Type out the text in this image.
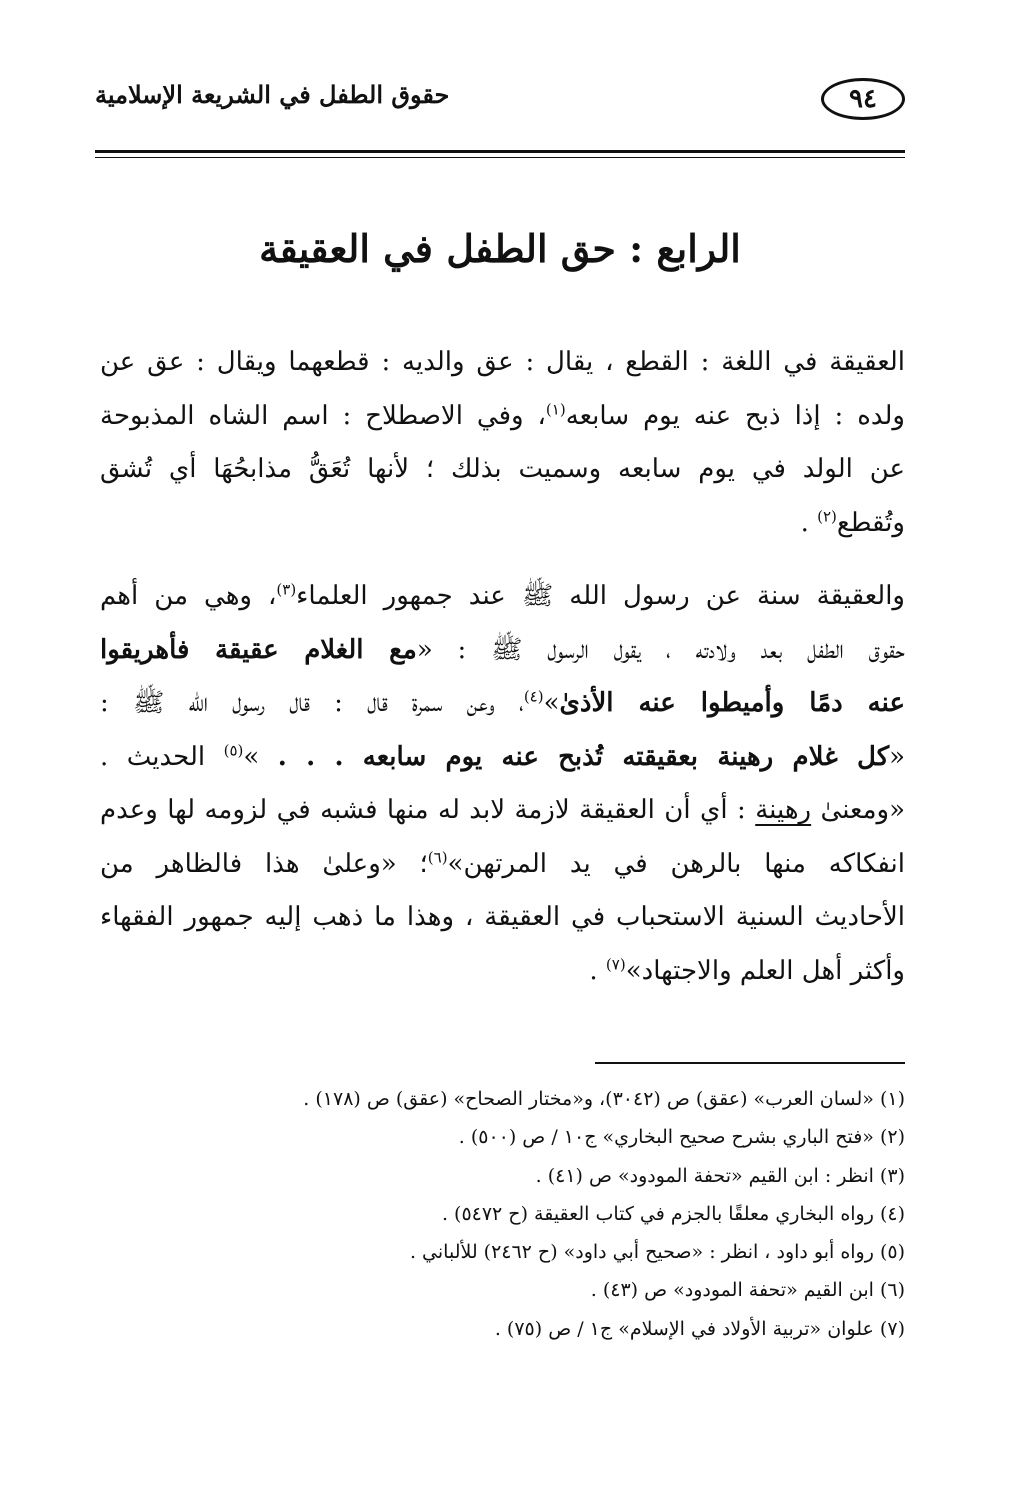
٩٤
حقوق الطفل في الشريعة الإسلامية
الرابع : حق الطفل في العقيقة

العقيقة في اللغة : القطع ، يقال : عق والديه : قطعهما ويقال : عق عن
ولده : إذا ذبح عنه يوم سابعه$^{(١)}$، وفي الاصطلاح : اسم الشاه المذبوحة
عن الولد في يوم سابعه وسميت بذلك ؛ لأنها تُعَقُّ مذابحُهَا أي تُشق
وتُقطع$^{(٢)}$ .

والعقيقة سنة عن رسول الله ﷺ عند جمهور العلماء$^{(٣)}$، وهي من أهم
حقوق الطفل بعد ولادته ، يقول الرسول ﷺ : «مع الغلام عقيقة فأهريقوا
عنه دمًا وأميطوا عنه الأذىٰ»$^{(٤)}$، وعن سمرة قال : قال رسول الله ﷺ :
«كل غلام رهينة بعقيقته تُذبح عنه يوم سابعه . . . »$^{(٥)}$ الحديث .
«ومعنىٰ رهينة : أي أن العقيقة لازمة لابد له منها فشبه في لزومه لها وعدم
انفكاكه منها بالرهن في يد المرتهن»$^{(٦)}$؛ «وعلىٰ هذا فالظاهر من
الأحاديث السنية الاستحباب في العقيقة ، وهذا ما ذهب إليه جمهور الفقهاء
وأكثر أهل العلم والاجتهاد»$^{(٧)}$ .

(١) «لسان العرب» (عقق) ص (٣٠٤٢)، و«مختار الصحاح» (عقق) ص (١٧٨) .
(٢) «فتح الباري بشرح صحيح البخاري» ج١٠ / ص (٥٠٠) .
(٣) انظر : ابن القيم «تحفة المودود» ص (٤١) .
(٤) رواه البخاري معلقًا بالجزم في كتاب العقيقة (ح ٥٤٧٢) .
(٥) رواه أبو داود ، انظر : «صحيح أبي داود» (ح ٢٤٦٢) للألباني .
(٦) ابن القيم «تحفة المودود» ص (٤٣) .
(٧) علوان «تربية الأولاد في الإسلام» ج١ / ص (٧٥) .
